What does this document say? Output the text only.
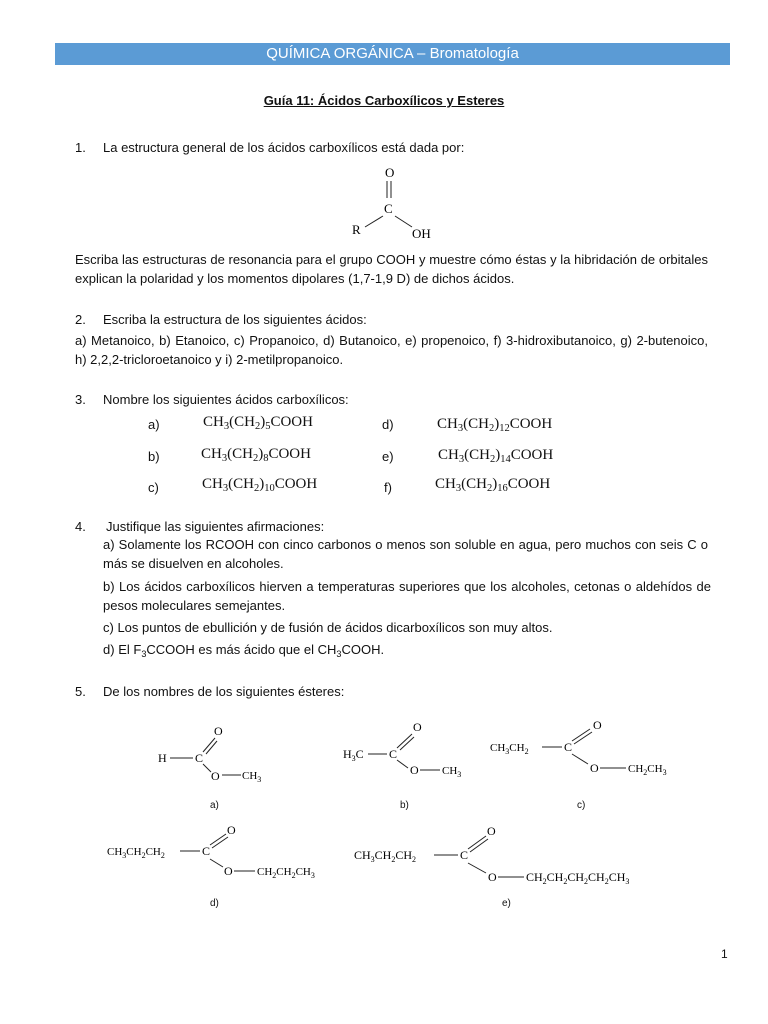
QUÍMICA ORGÁNICA – Bromatología
Guía 11: Ácidos Carboxílicos y Esteres
1. La estructura general de los ácidos carboxílicos está dada por:
O
C
R	OH
Escriba las estructuras de resonancia para el grupo COOH y muestre cómo éstas y la hibridación de orbitales explican la polaridad y los momentos dipolares (1,7-1,9 D) de dichos ácidos.
2. Escriba la estructura de los siguientes ácidos:
a) Metanoico, b) Etanoico, c) Propanoico, d) Butanoico, e) propenoico, f) 3-hidroxibutanoico, g) 2-butenoico, h) 2,2,2-tricloroetanoico y i) 2-metilpropanoico.
3. Nombre los siguientes ácidos carboxílicos:
a)	$CH_3(CH_2)_5COOH$
b)	$CH_3(CH_2)_8COOH$
c)	$CH_3(CH_2)_{10}COOH$
d)	$CH_3(CH_2)_{12}COOH$
e)	$CH_3(CH_2)_{14}COOH$
f)	$CH_3(CH_2)_{16}COOH$
4. Justifique las siguientes afirmaciones:
a) Solamente los RCOOH con cinco carbonos o menos son soluble en agua, pero muchos con seis C o más se disuelven en alcoholes.
b) Los ácidos carboxílicos hierven a temperaturas superiores que los alcoholes, cetonas o aldehídos de pesos moleculares semejantes.
c) Los puntos de ebullición y de fusión de ácidos dicarboxílicos son muy altos.
d) El $F_3CCOOH$ es más ácido que el $CH_3COOH$.
5. De los nombres de los siguientes ésteres:
H C
O
O $CH_3$
a)
$H_3C$ C
O
O $CH_3$
b)
$CH_3CH_2$	C
O
O	$CH_2CH_3$
c)
$CH_3CH_2CH_2$	C
O
O $CH_2CH_2CH_3$
d)
$CH_3CH_2CH_2$	C
O
O $CH_2CH_2CH_2CH_2CH_3$
e)
1
